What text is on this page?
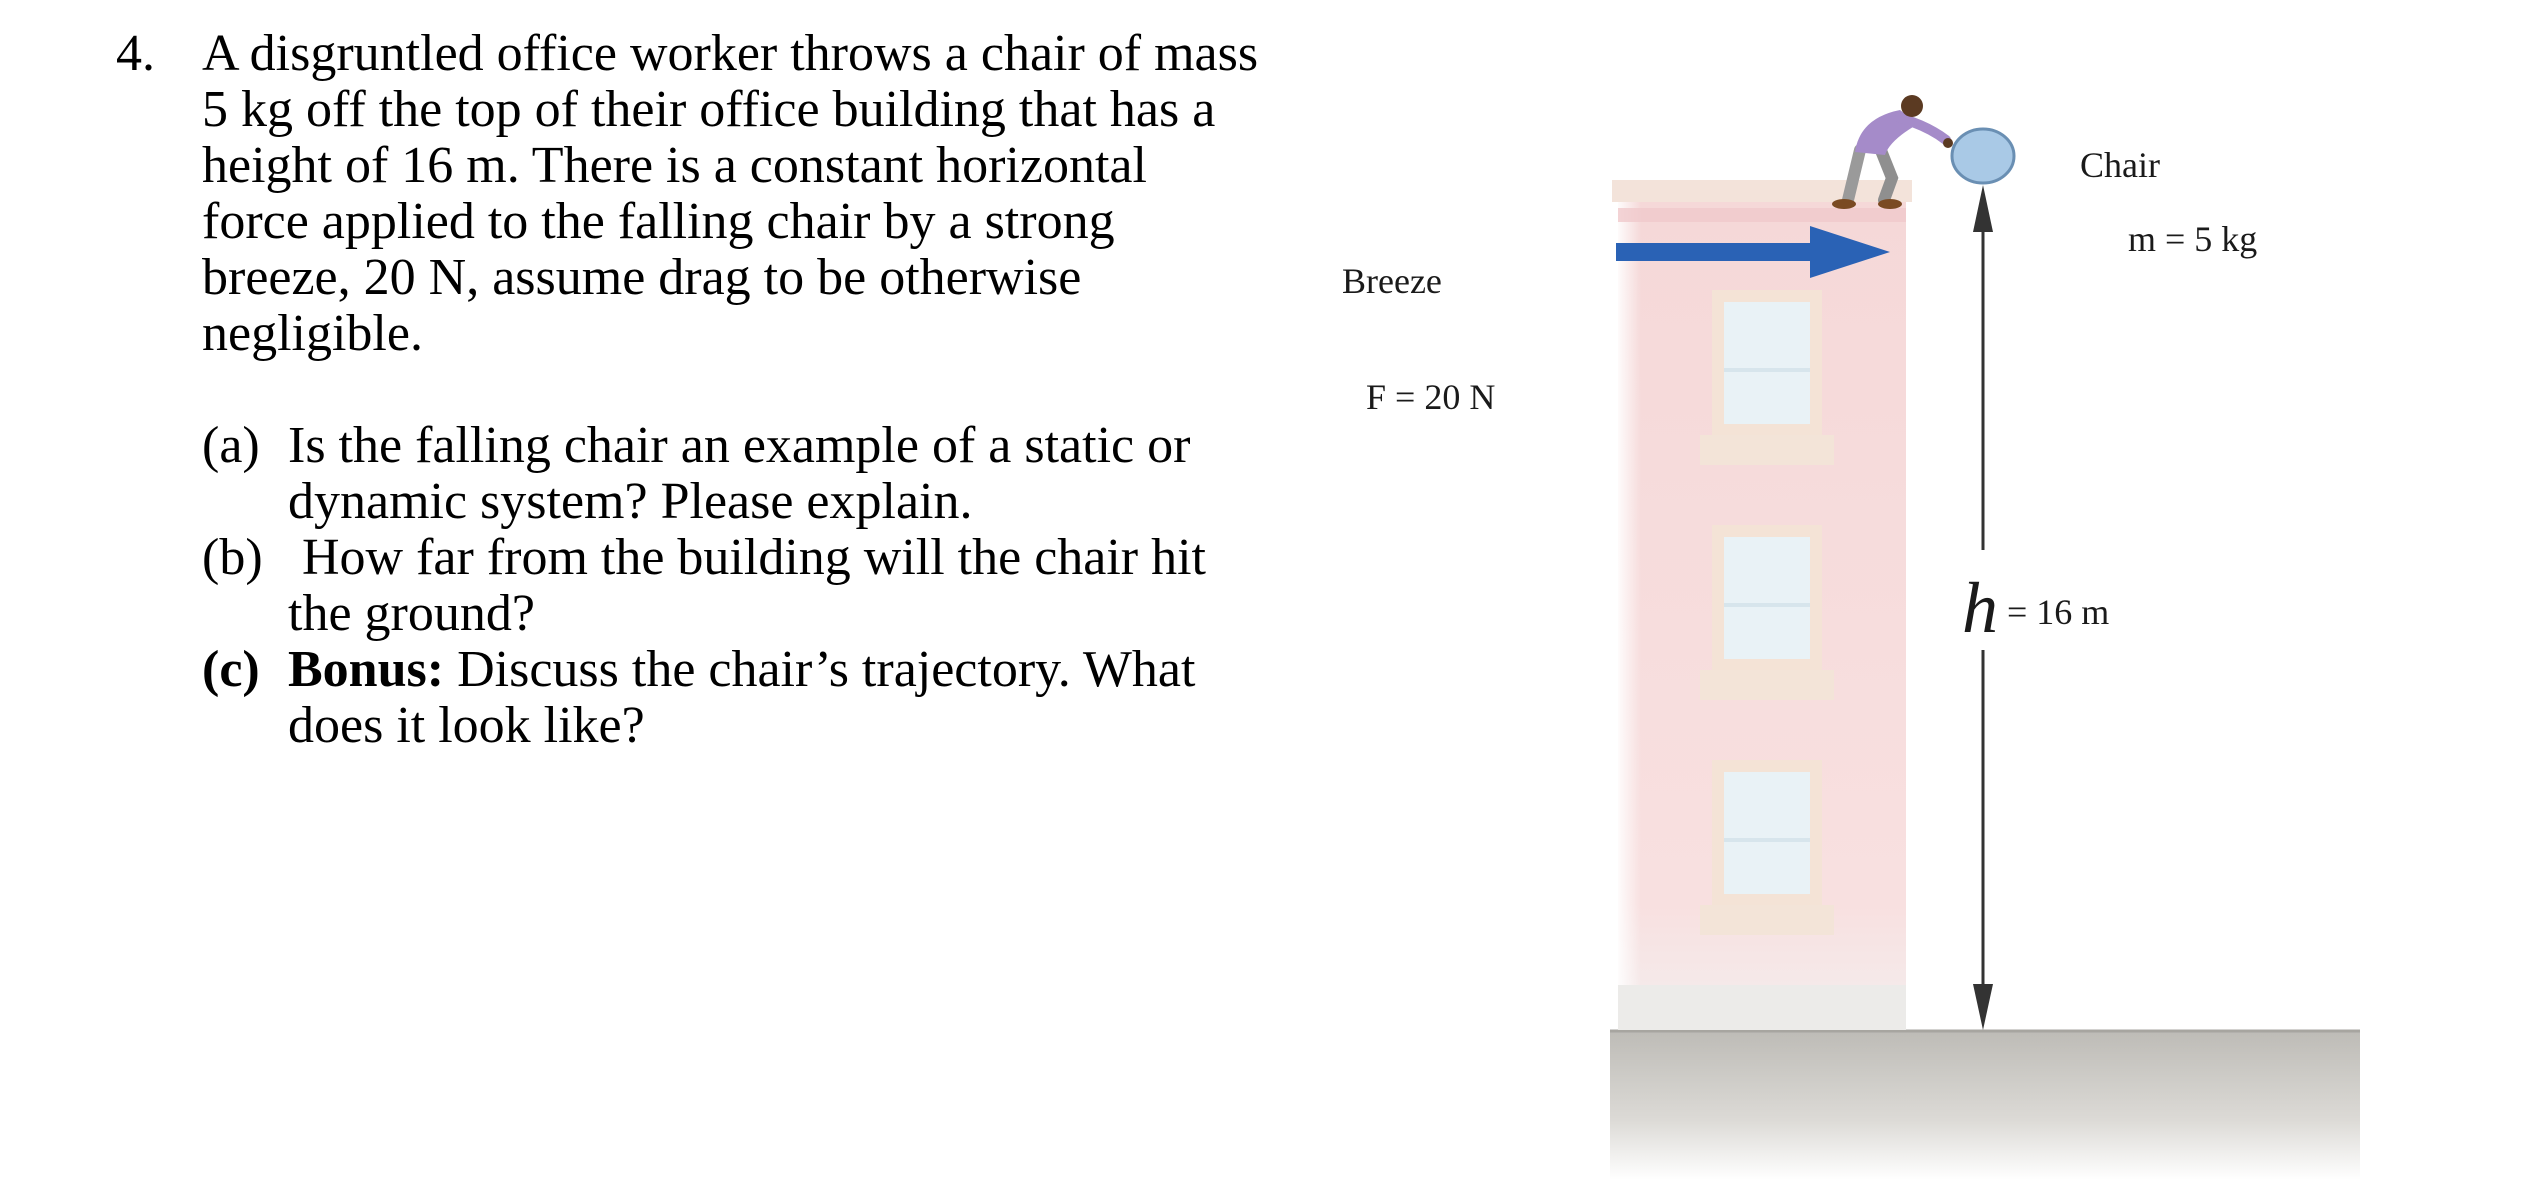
4. A disgruntled office worker throws a chair of mass
5 kg off the top of their office building that has a
height of 16 m. There is a constant horizontal
force applied to the falling chair by a strong
breeze, 20 N, assume drag to be otherwise
negligible.
(a) Is the falling chair an example of a static or
dynamic system? Please explain.
(b) How far from the building will the chair hit
the ground?
(c) Bonus: Discuss the chair’s trajectory. What
does it look like?
Breeze
F = 20 N
Chair
m = 5 kg
h = 16 m
